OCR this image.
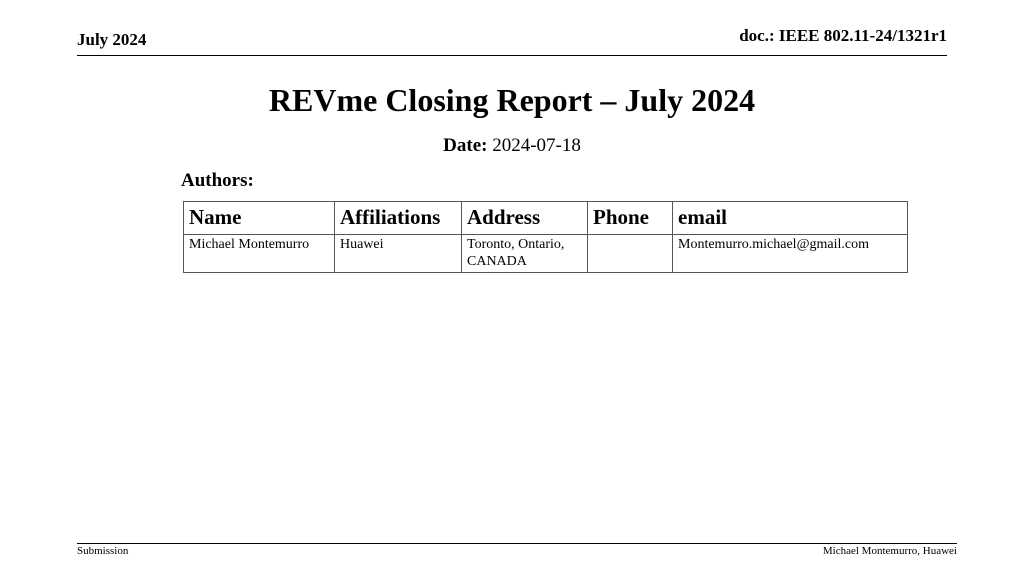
July 2024	doc.: IEEE 802.11-24/1321r1
REVme Closing Report – July 2024
Date: 2024-07-18
Authors:
Name	Affiliations	Address	Phone	email
Michael Montemurro	Huawei	Toronto, Ontario, CANADA		Montemurro.michael@gmail.com
Submission	Michael Montemurro, Huawei
